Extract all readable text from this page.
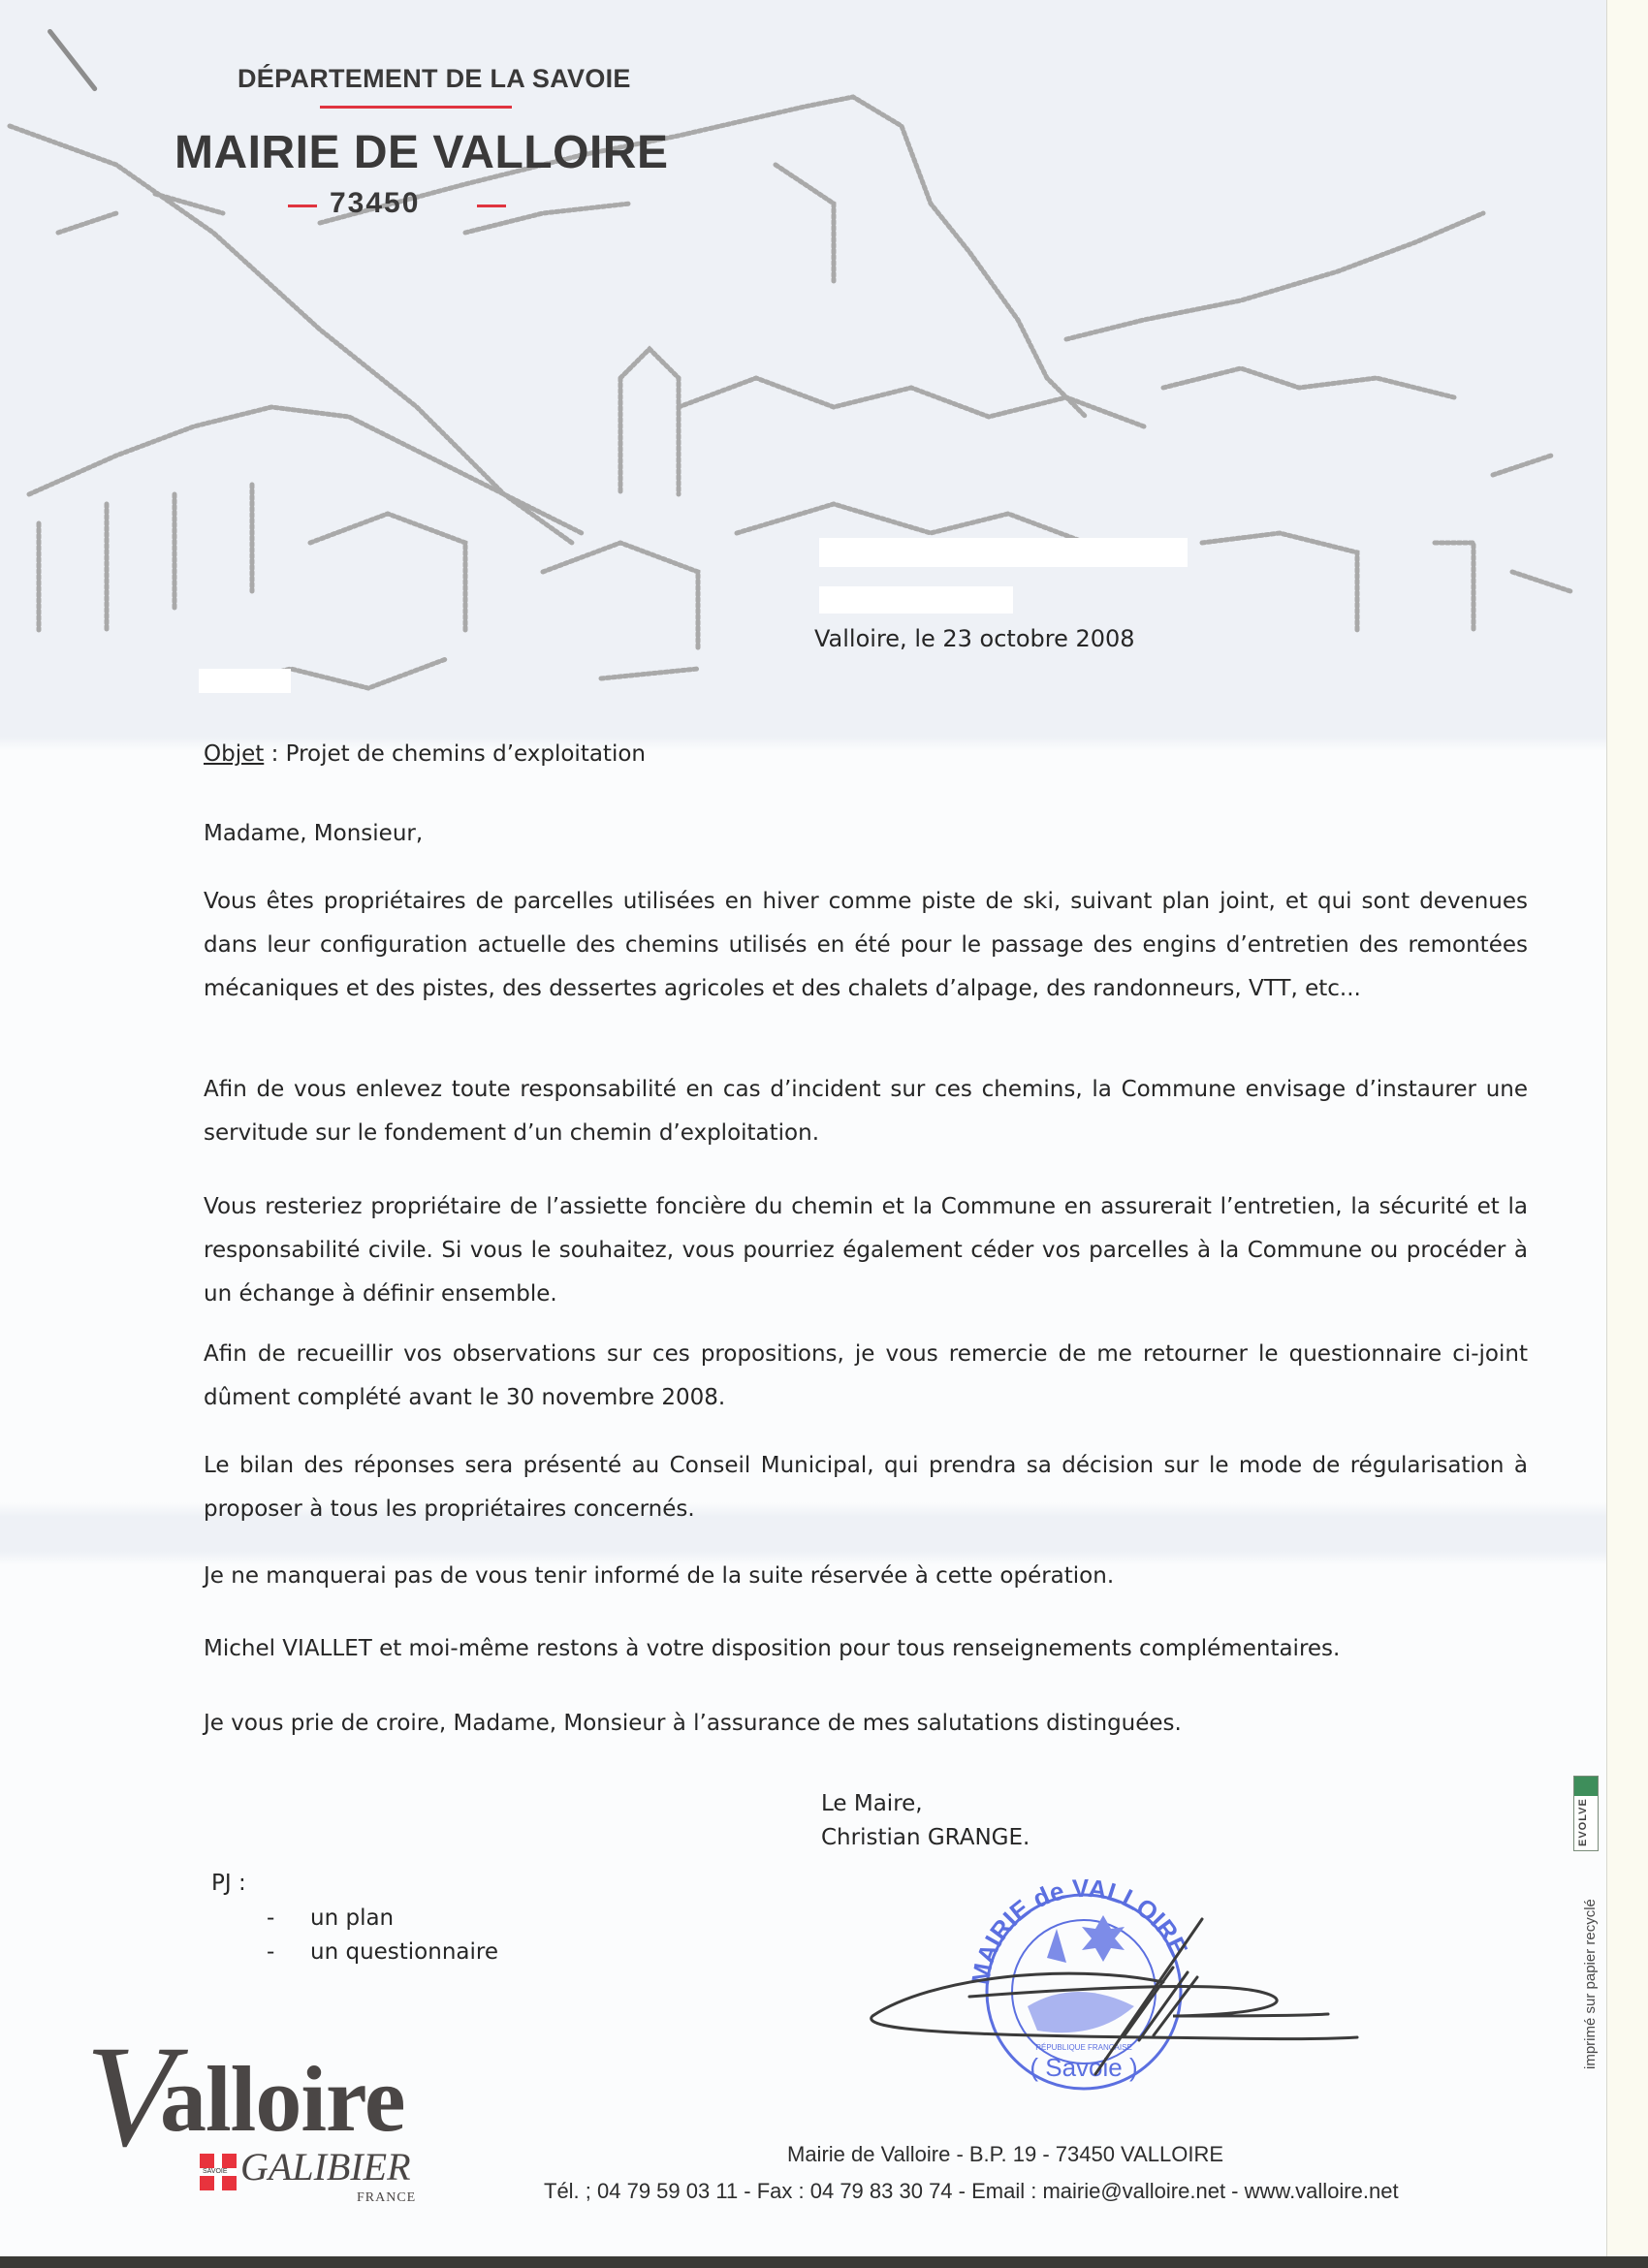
DÉPARTEMENT DE LA SAVOIE
MAIRIE DE VALLOIRE
73450
Valloire, le 23 octobre 2008
Objet : Projet de chemins d’exploitation
Madame, Monsieur,
Vous êtes propriétaires de parcelles utilisées en hiver comme piste de ski, suivant plan joint, et qui sont devenues dans leur configuration actuelle des chemins utilisés en été pour le passage des engins d’entretien des remontées mécaniques et des pistes, des dessertes agricoles et des chalets d’alpage, des randonneurs, VTT, etc...
Afin de vous enlevez toute responsabilité en cas d’incident sur ces chemins, la Commune envisage d’instaurer une servitude sur le fondement d’un chemin d’exploitation.
Vous resteriez propriétaire de l’assiette foncière du chemin et la Commune en assurerait l’entretien, la sécurité et la responsabilité civile. Si vous le souhaitez, vous pourriez également céder vos parcelles à la Commune ou procéder à un échange à définir ensemble.
Afin de recueillir vos observations sur ces propositions, je vous remercie de me retourner le questionnaire ci-joint dûment complété avant le 30 novembre 2008.
Le bilan des réponses sera présenté au Conseil Municipal, qui prendra sa décision sur le mode de régularisation à proposer à tous les propriétaires concernés.
Je ne manquerai pas de vous tenir informé de la suite réservée à cette opération.
Michel VIALLET et moi-même restons à votre disposition pour tous renseignements complémentaires.
Je vous prie de croire, Madame, Monsieur à l’assurance de mes salutations distinguées.
Le Maire,
Christian GRANGE.
PJ :
- un plan
- un questionnaire
MAIRIE de VALLOIRE
( Savoie )
RÉPUBLIQUE FRANÇAISE
V
alloire
SAVOIE GALIBIER
FRANCE
Mairie de Valloire - B.P. 19 - 73450 VALLOIRE
Tél. ; 04 79 59 03 11 - Fax : 04 79 83 30 74 - Email : mairie@valloire.net - www.valloire.net
EVOLVE
imprimé sur papier recyclé
